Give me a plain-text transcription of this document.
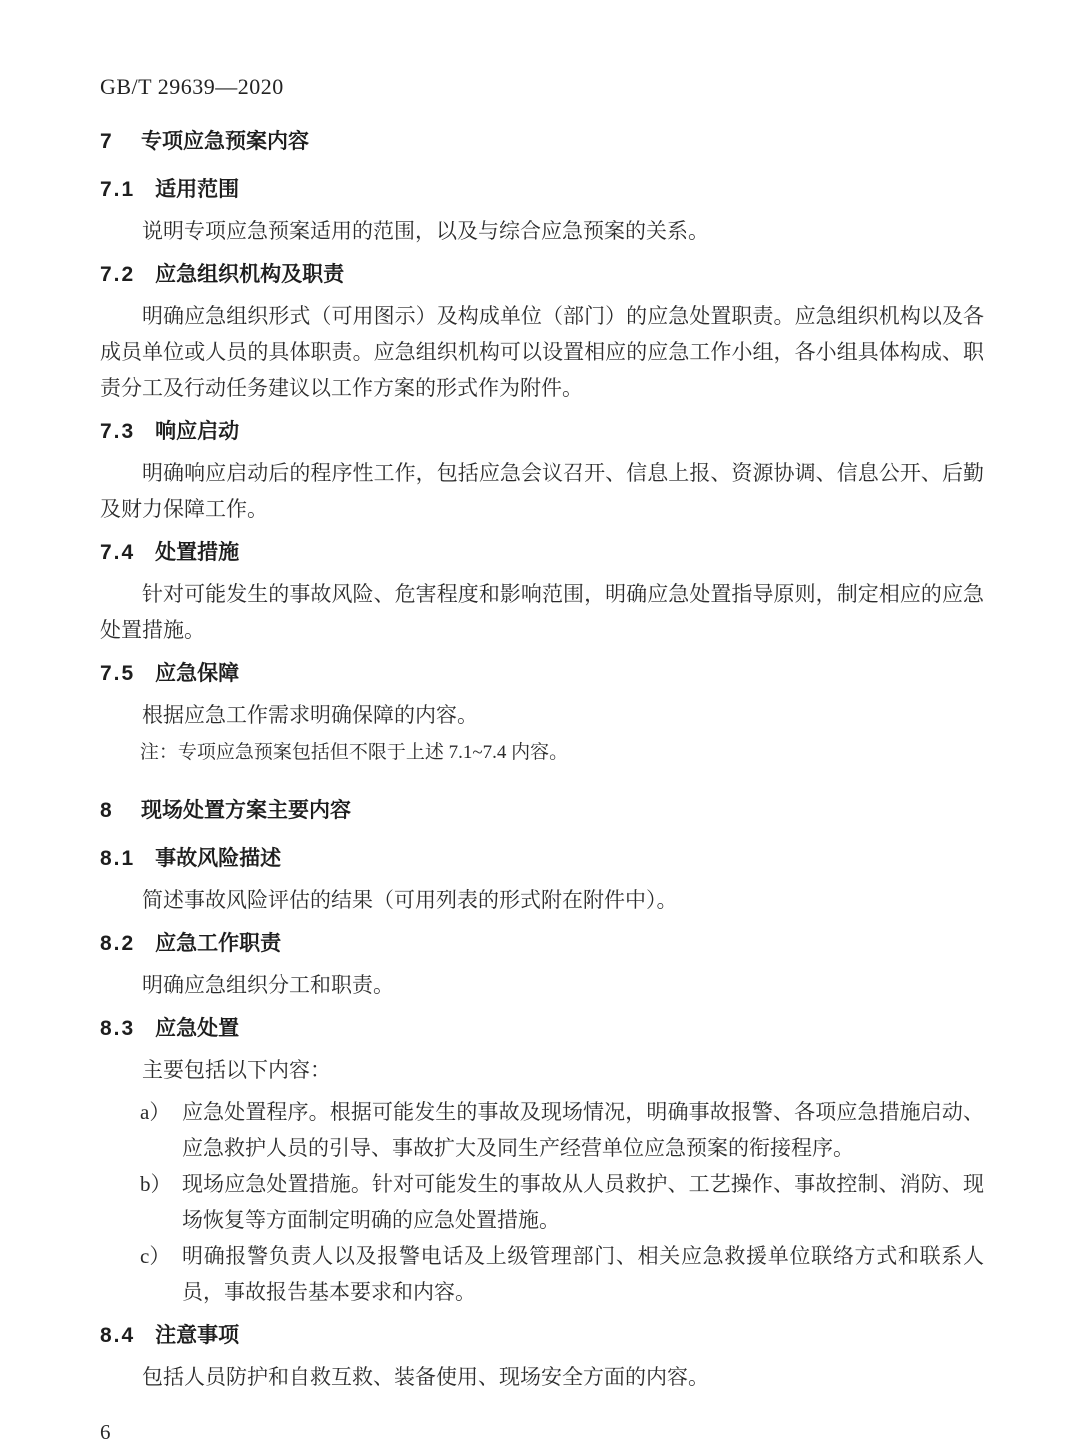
GB/T 29639—2020
7 专项应急预案内容
7.1 适用范围

说明专项应急预案适用的范围，以及与综合应急预案的关系。

7.2 应急组织机构及职责

明确应急组织形式（可用图示）及构成单位（部门）的应急处置职责。应急组织机构以及各成员单位或人员的具体职责。应急组织机构可以设置相应的应急工作小组，各小组具体构成、职责分工及行动任务建议以工作方案的形式作为附件。

7.3 响应启动

明确响应启动后的程序性工作，包括应急会议召开、信息上报、资源协调、信息公开、后勤及财力保障工作。

7.4 处置措施

针对可能发生的事故风险、危害程度和影响范围，明确应急处置指导原则，制定相应的应急处置措施。

7.5 应急保障

根据应急工作需求明确保障的内容。

注：专项应急预案包括但不限于上述 7.1~7.4 内容。

8 现场处置方案主要内容
8.1 事故风险描述

简述事故风险评估的结果（可用列表的形式附在附件中）。

8.2 应急工作职责

明确应急组织分工和职责。

8.3 应急处置

主要包括以下内容：

a） 应急处置程序。根据可能发生的事故及现场情况，明确事故报警、各项应急措施启动、应急救护人员的引导、事故扩大及同生产经营单位应急预案的衔接程序。
b） 现场应急处置措施。针对可能发生的事故从人员救护、工艺操作、事故控制、消防、现场恢复等方面制定明确的应急处置措施。
c） 明确报警负责人以及报警电话及上级管理部门、相关应急救援单位联络方式和联系人员，事故报告基本要求和内容。
8.4 注意事项

包括人员防护和自救互救、装备使用、现场安全方面的内容。

6
